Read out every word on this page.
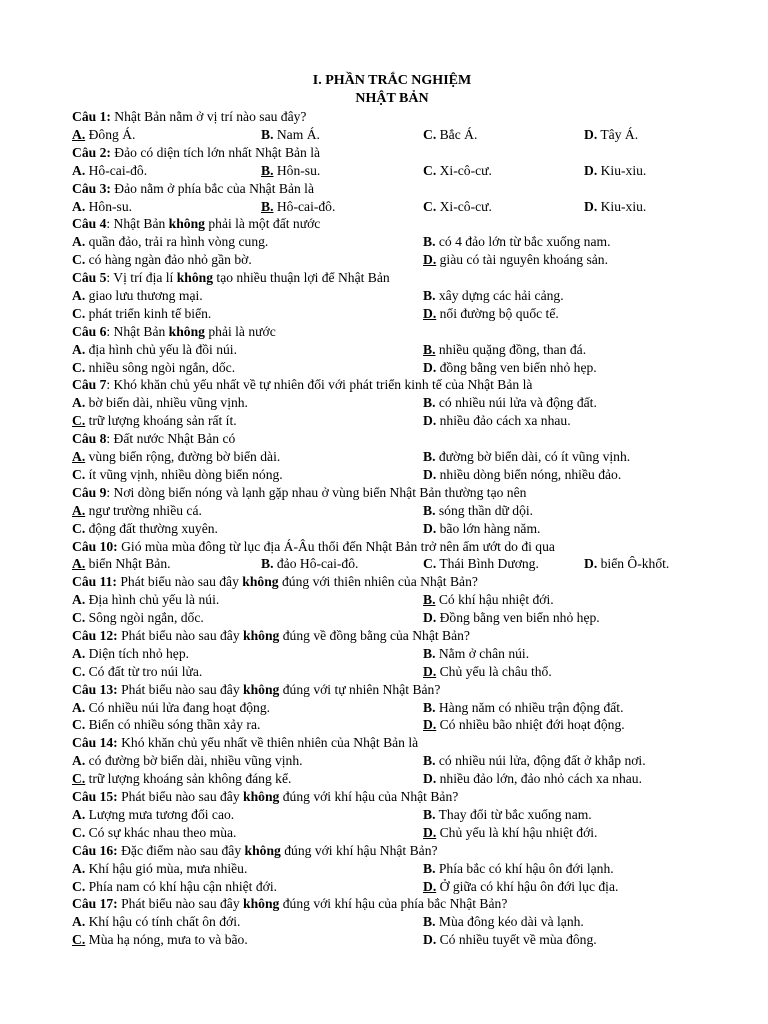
I. PHẦN TRẮC NGHIỆM
NHẬT BẢN
Câu 1: Nhật Bản nằm ở vị trí nào sau đây?
A. Đông Á.	B. Nam Á.	C. Bắc Á.	D. Tây Á.
Câu 2: Đảo có diện tích lớn nhất Nhật Bản là
A. Hô-cai-đô.	B. Hôn-su.	C. Xi-cô-cư.	D. Kiu-xiu.
Câu 3: Đảo nằm ở phía bắc của Nhật Bản là
A. Hôn-su.	B. Hô-cai-đô.	C. Xi-cô-cư.	D. Kiu-xiu.
Câu 4: Nhật Bản không phải là một đất nước
A. quần đảo, trải ra hình vòng cung.	B. có 4 đảo lớn từ bắc xuống nam.
C. có hàng ngàn đảo nhỏ gần bờ.	D. giàu có tài nguyên khoáng sản.
Câu 5: Vị trí địa lí không tạo nhiều thuận lợi để Nhật Bản
A. giao lưu thương mại.	B. xây dựng các hải cảng.
C. phát triển kinh tế biển.	D. nối đường bộ quốc tế.
Câu 6: Nhật Bản không phải là nước
A. địa hình chủ yếu là đồi núi.	B. nhiều quặng đồng, than đá.
C. nhiều sông ngòi ngắn, dốc.	D. đồng bằng ven biển nhỏ hẹp.
Câu 7: Khó khăn chủ yếu nhất về tự nhiên đối với phát triển kinh tế của Nhật Bản là
A. bờ biển dài, nhiều vũng vịnh.	B. có nhiều núi lửa và động đất.
C. trữ lượng khoáng sản rất ít.	D. nhiều đảo cách xa nhau.
Câu 8: Đất nước Nhật Bản có
A. vùng biển rộng, đường bờ biển dài.	B. đường bờ biển dài, có ít vũng vịnh.
C. ít vũng vịnh, nhiều dòng biển nóng.	D. nhiều dòng biển nóng, nhiều đảo.
Câu 9: Nơi dòng biển nóng và lạnh gặp nhau ở vùng biển Nhật Bản thường tạo nên
A. ngư trường nhiều cá.	B. sóng thần dữ dội.
C. động đất thường xuyên.	D. bão lớn hàng năm.
Câu 10: Gió mùa mùa đông từ lục địa Á-Âu thổi đến Nhật Bản trở nên ấm ướt do đi qua
A. biển Nhật Bản.	B. đảo Hô-cai-đô.	C. Thái Bình Dương.	D. biển Ô-khốt.
Câu 11: Phát biểu nào sau đây không đúng với thiên nhiên của Nhật Bản?
A. Địa hình chủ yếu là núi.	B. Có khí hậu nhiệt đới.
C. Sông ngòi ngắn, dốc.	D. Đồng bằng ven biển nhỏ hẹp.
Câu 12: Phát biểu nào sau đây không đúng về đồng bằng của Nhật Bản?
A. Diện tích nhỏ hẹp.	B. Nằm ở chân núi.
C. Có đất từ tro núi lửa.	D. Chủ yếu là châu thổ.
Câu 13: Phát biểu nào sau đây không đúng với tự nhiên Nhật Bản?
A. Có nhiều núi lửa đang hoạt động.	B. Hàng năm có nhiều trận động đất.
C. Biển có nhiều sóng thần xảy ra.	D. Có nhiều bão nhiệt đới hoạt động.
Câu 14: Khó khăn chủ yếu nhất về thiên nhiên của Nhật Bản là
A. có đường bờ biển dài, nhiều vũng vịnh.	B. có nhiều núi lửa, động đất ở khắp nơi.
C. trữ lượng khoáng sản không đáng kể.	D. nhiều đảo lớn, đảo nhỏ cách xa nhau.
Câu 15: Phát biểu nào sau đây không đúng với khí hậu của Nhật Bản?
A. Lượng mưa tương đối cao.	B. Thay đổi từ bắc xuống nam.
C. Có sự khác nhau theo mùa.	D. Chủ yếu là khí hậu nhiệt đới.
Câu 16: Đặc điểm nào sau đây không đúng với khí hậu Nhật Bản?
A. Khí hậu gió mùa, mưa nhiều.	B. Phía bắc có khí hậu ôn đới lạnh.
C. Phía nam có khí hậu cận nhiệt đới.	D. Ở giữa có khí hậu ôn đới lục địa.
Câu 17: Phát biểu nào sau đây không đúng với khí hậu của phía bắc Nhật Bản?
A. Khí hậu có tính chất ôn đới.	B. Mùa đông kéo dài và lạnh.
C. Mùa hạ nóng, mưa to và bão.	D. Có nhiều tuyết về mùa đông.
